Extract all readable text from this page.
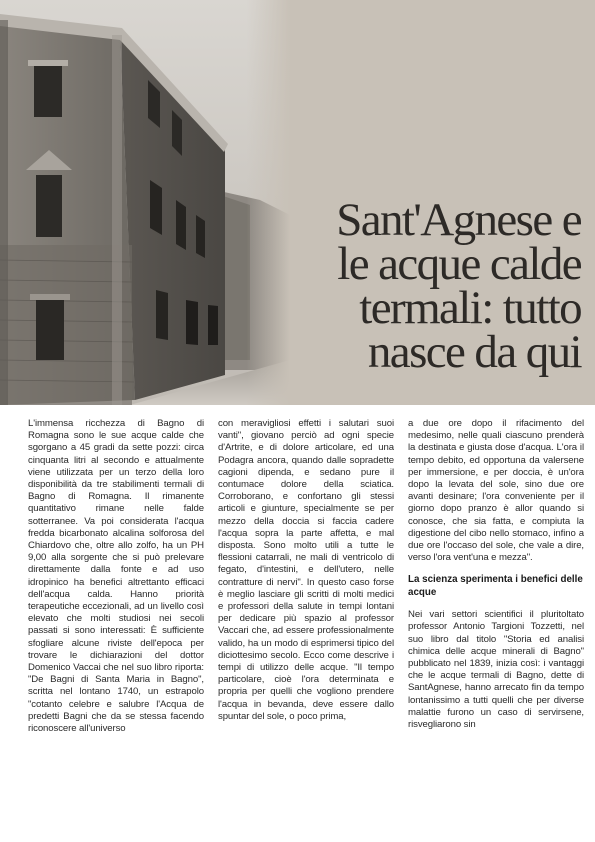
Sant'Agnese e
le acque calde
termali: tutto
nasce da qui

L'immensa ricchezza di Bagno di Romagna sono le sue acque calde che sgorgano a 45 gradi da sette pozzi: circa cinquanta litri al secondo e attualmente viene utilizzata per un terzo della loro disponibilità da tre stabilimenti termali di Bagno di Romagna. Il rimanente quantitativo rimane nelle falde sotterranee. Va poi considerata l'acqua fredda bicarbonato alcalina solforosa del Chiardovo che, oltre allo zolfo, ha un PH 9,00 alla sorgente che si può prelevare direttamente dalla fonte e ad uso idropinico ha benefici altrettanto efficaci dell'acqua calda. Hanno priorità terapeutiche eccezionali, ad un livello così elevato che molti studiosi nei secoli passati si sono interessati: È sufficiente sfogliare alcune riviste dell'epoca per trovare le dichiarazioni del dottor Domenico Vaccai che nel suo libro riporta: "De Bagni di Santa Maria in Bagno", scritta nel lontano 1740, un estrapolo "cotanto celebre e salubre l'Acqua de predetti Bagni che da se stessa facendo riconoscere all'universo

con meravigliosi effetti i salutari suoi vanti", giovano perciò ad ogni specie d'Artrite, e di dolore articolare, ed una Podagra ancora, quando dalle sopradette cagioni dipenda, e sedano pure il contumace dolore della sciatica. Corroborano, e confortano gli stessi articoli e giunture, specialmente se per mezzo della doccia si faccia cadere l'acqua sopra la parte affetta, e mal disposta. Sono molto utili a tutte le flessioni catarrali, ne mali di ventricolo di fegato, d'intestini, e dell'utero, nelle contratture di nervi". In questo caso forse è meglio lasciare gli scritti di molti medici e professori della salute in tempi lontani per dedicare più spazio al professor Vaccari che, ad essere professionalmente valido, ha un modo di esprimersi tipico del diciottesimo secolo. Ecco come descrive i tempi di utilizzo delle acque. "Il tempo particolare, cioè l'ora determinata e propria per quelli che vogliono prendere l'acqua in bevanda, deve essere dallo spuntar del sole, o poco prima,

a due ore dopo il rifacimento del medesimo, nelle quali ciascuno prenderà la destinata e giusta dose d'acqua. L'ora il tempo debito, ed opportuna da valersene per immersione, e per doccia, è un'ora dopo la levata del sole, sino due ore avanti desinare; l'ora conveniente per il giorno dopo pranzo è allor quando si conosce, che sia fatta, e compiuta la digestione del cibo nello stomaco, infino a due ore l'occaso del sole, che vale a dire, verso l'ora vent'una e mezza".

La scienza sperimenta i benefici delle acque

Nei vari settori scientifici il pluritoltato professor Antonio Targioni Tozzetti, nel suo libro dal titolo "Storia ed analisi chimica delle acque minerali di Bagno" pubblicato nel 1839, inizia così: i vantaggi che le acque termali di Bagno, dette di SantAgnese, hanno arrecato fin da tempo lontanissimo a tutti quelli che per diverse malattie furono un caso di servirsene, risvegliarono sin
